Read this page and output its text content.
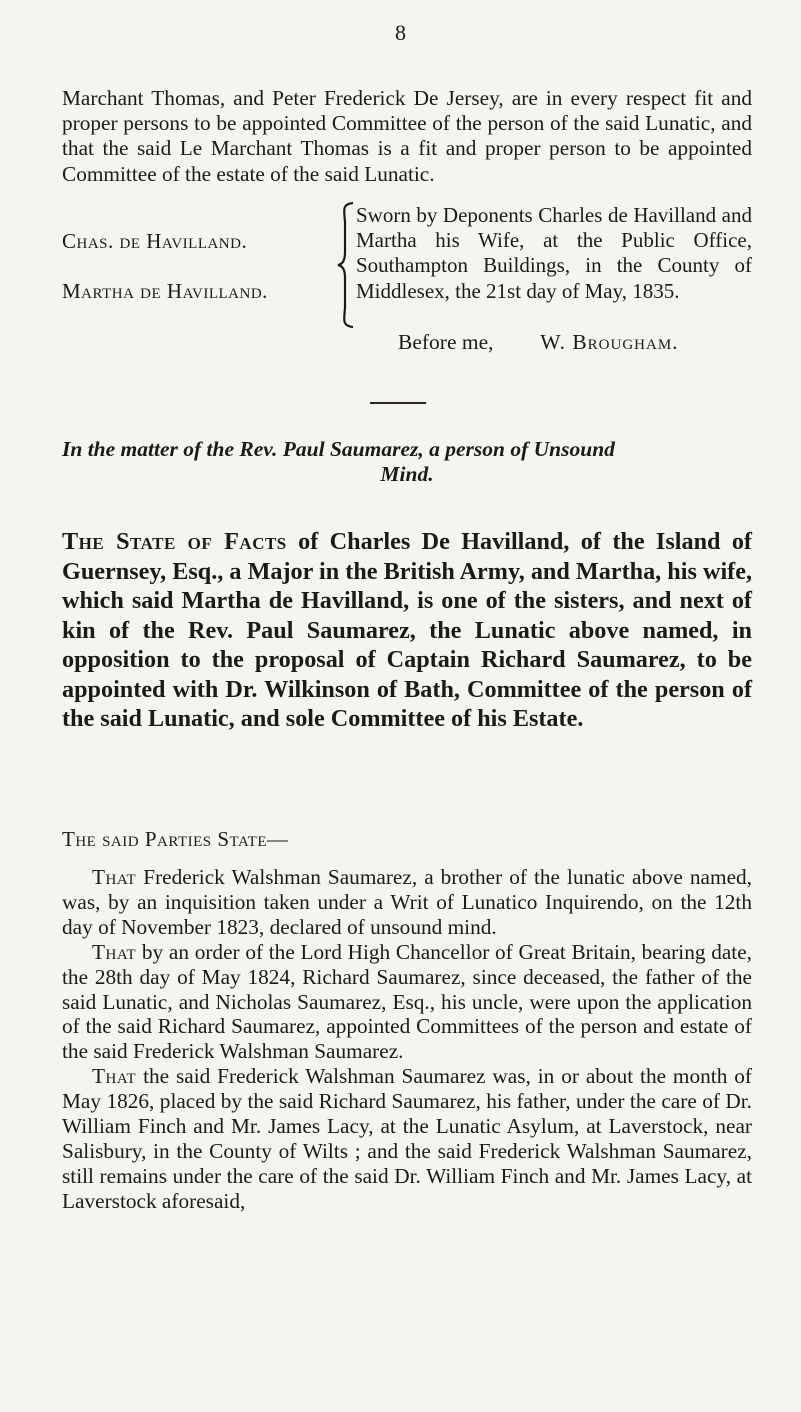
8
Marchant Thomas, and Peter Frederick De Jersey, are in every respect fit and proper persons to be appointed Committee of the person of the said Lunatic, and that the said Le Marchant Thomas is a fit and proper person to be appointed Committee of the estate of the said Lunatic.
Chas. de Havilland.
Martha de Havilland.
Sworn by Deponents Charles de Havilland and Martha his Wife, at the Public Office, Southampton Buildings, in the County of Middlesex, the 21st day of May, 1835.
Before me, W. Brougham.
In the matter of the Rev. Paul Saumarez, a person of Unsound
Mind.
The State of Facts of Charles De Havilland, of the Island of Guernsey, Esq., a Major in the British Army, and Martha, his wife, which said Martha de Havilland, is one of the sisters, and next of kin of the Rev. Paul Saumarez, the Lunatic above named, in opposition to the proposal of Captain Richard Saumarez, to be appointed with Dr. Wilkinson of Bath, Committee of the person of the said Lunatic, and sole Committee of his Estate.
The said Parties State—

That Frederick Walshman Saumarez, a brother of the lunatic above named, was, by an inquisition taken under a Writ of Lunatico Inquirendo, on the 12th day of November 1823, declared of unsound mind.

That by an order of the Lord High Chancellor of Great Britain, bearing date, the 28th day of May 1824, Richard Saumarez, since deceased, the father of the said Lunatic, and Nicholas Saumarez, Esq., his uncle, were upon the application of the said Richard Saumarez, appointed Committees of the person and estate of the said Frederick Walshman Saumarez.

That the said Frederick Walshman Saumarez was, in or about the month of May 1826, placed by the said Richard Saumarez, his father, under the care of Dr. William Finch and Mr. James Lacy, at the Lunatic Asylum, at Laverstock, near Salisbury, in the County of Wilts ; and the said Frederick Walshman Saumarez, still remains under the care of the said Dr. William Finch and Mr. James Lacy, at Laverstock aforesaid,
